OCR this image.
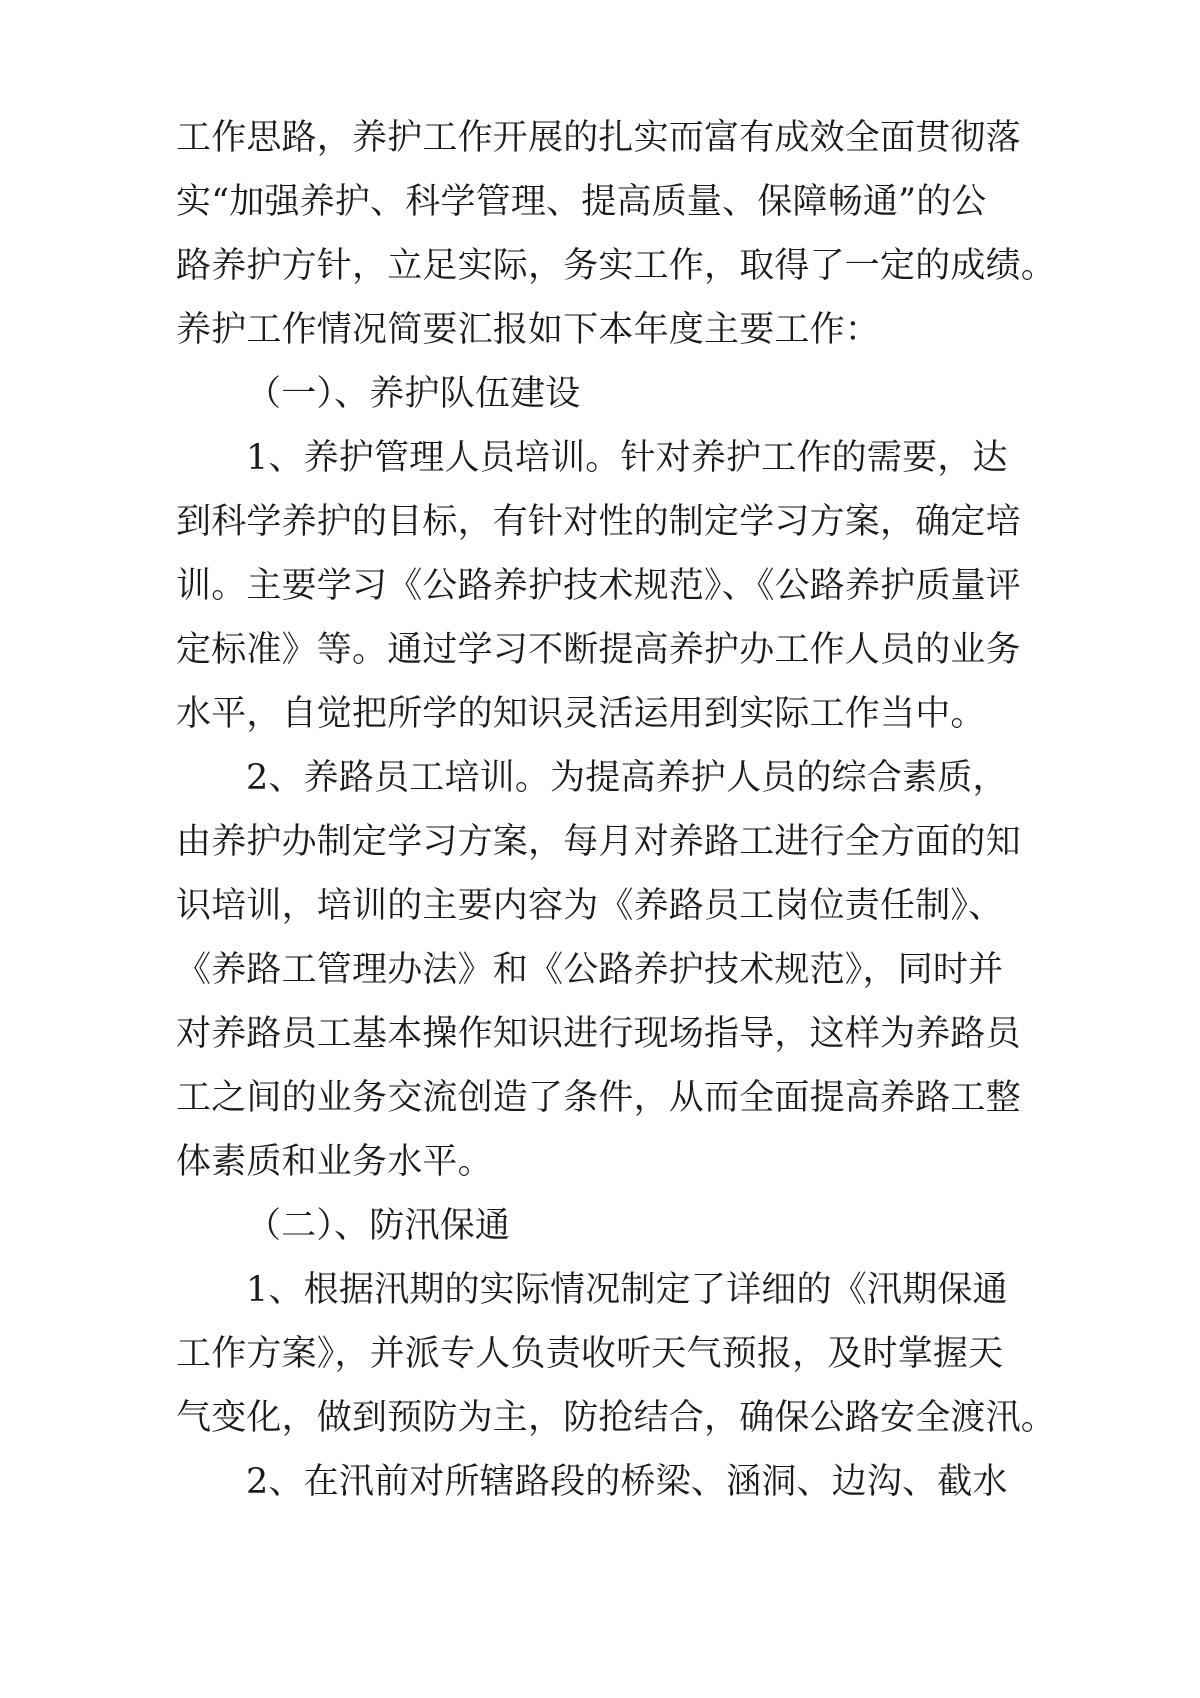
工作思路，养护工作开展的扎实而富有成效全面贯彻落
实“加强养护、科学管理、提高质量、保障畅通”的公
路养护方针，立足实际，务实工作，取得了一定的成绩。
养护工作情况简要汇报如下本年度主要工作：
（一）、养护队伍建设
1、养护管理人员培训。针对养护工作的需要，达
到科学养护的目标，有针对性的制定学习方案，确定培
训。主要学习《公路养护技术规范》、《公路养护质量评
定标准》等。通过学习不断提高养护办工作人员的业务
水平，自觉把所学的知识灵活运用到实际工作当中。
2、养路员工培训。为提高养护人员的综合素质，
由养护办制定学习方案，每月对养路工进行全方面的知
识培训，培训的主要内容为《养路员工岗位责任制》、
《养路工管理办法》和《公路养护技术规范》，同时并
对养路员工基本操作知识进行现场指导，这样为养路员
工之间的业务交流创造了条件，从而全面提高养路工整
体素质和业务水平。
（二）、防汛保通
1、根据汛期的实际情况制定了详细的《汛期保通
工作方案》，并派专人负责收听天气预报，及时掌握天
气变化，做到预防为主，防抢结合，确保公路安全渡汛。
2、在汛前对所辖路段的桥梁、涵洞、边沟、截水
